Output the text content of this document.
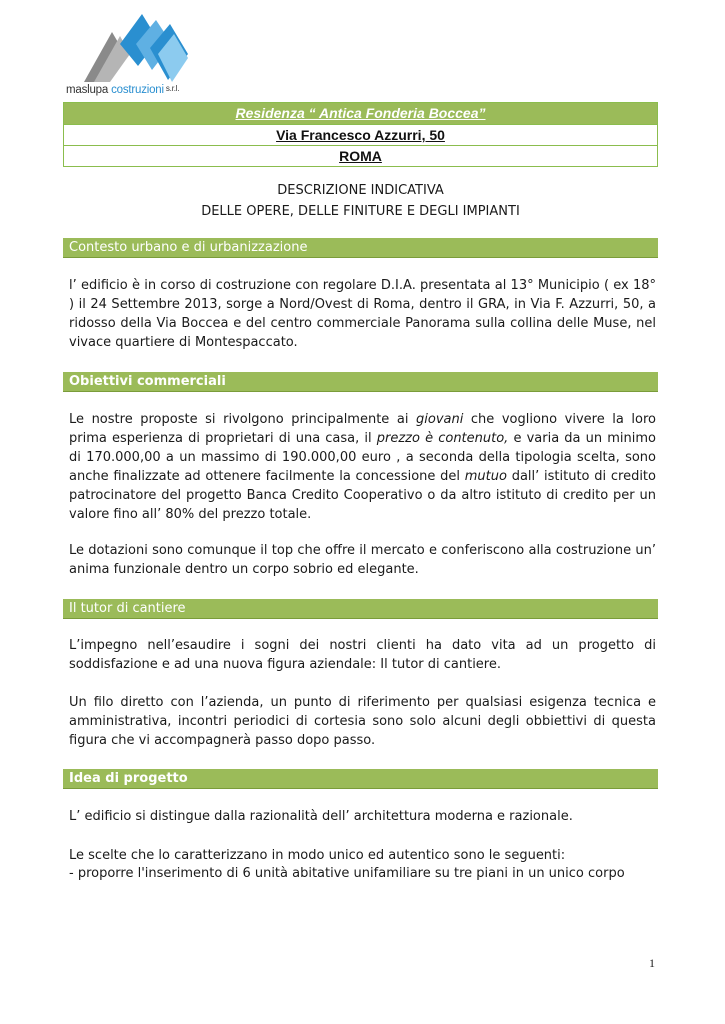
maslupa costruzioni s.r.l.
Residenza “ Antica Fonderia Boccea”
Via Francesco Azzurri, 50
ROMA
DESCRIZIONE INDICATIVA
DELLE OPERE, DELLE FINITURE E DEGLI IMPIANTI
Contesto urbano e di urbanizzazione
l’ edificio è in corso di costruzione con regolare D.I.A. presentata al 13° Municipio ( ex 18° ) il 24 Settembre 2013, sorge a Nord/Ovest di Roma, dentro il GRA, in Via F. Azzurri, 50, a ridosso della Via Boccea e del centro commerciale Panorama sulla collina delle Muse, nel vivace quartiere di Montespaccato.
Obiettivi commerciali
Le nostre proposte si rivolgono principalmente ai giovani che vogliono vivere la loro prima esperienza di proprietari di una casa, il prezzo è contenuto, e varia da un minimo di 170.000,00 a un massimo di 190.000,00 euro , a seconda della tipologia scelta, sono anche finalizzate ad ottenere facilmente la concessione del mutuo dall’ istituto di credito patrocinatore del progetto Banca Credito Cooperativo o da altro istituto di credito per un valore fino all’ 80% del prezzo totale.
Le dotazioni sono comunque il top che offre il mercato e conferiscono alla costruzione un’ anima funzionale dentro un corpo sobrio ed elegante.
Il tutor di cantiere
L’impegno nell’esaudire i sogni dei nostri clienti ha dato vita ad un progetto di soddisfazione e ad una nuova figura aziendale: Il tutor di cantiere.
Un filo diretto con l’azienda, un punto di riferimento per qualsiasi esigenza tecnica e amministrativa, incontri periodici di cortesia sono solo alcuni degli obbiettivi di questa figura che vi accompagnerà passo dopo passo.
Idea di progetto
L’ edificio si distingue dalla razionalità dell’ architettura moderna e razionale.
Le scelte che lo caratterizzano in modo unico ed autentico sono le seguenti:
- proporre l'inserimento di 6 unità abitative unifamiliare su tre piani in un unico corpo
1
